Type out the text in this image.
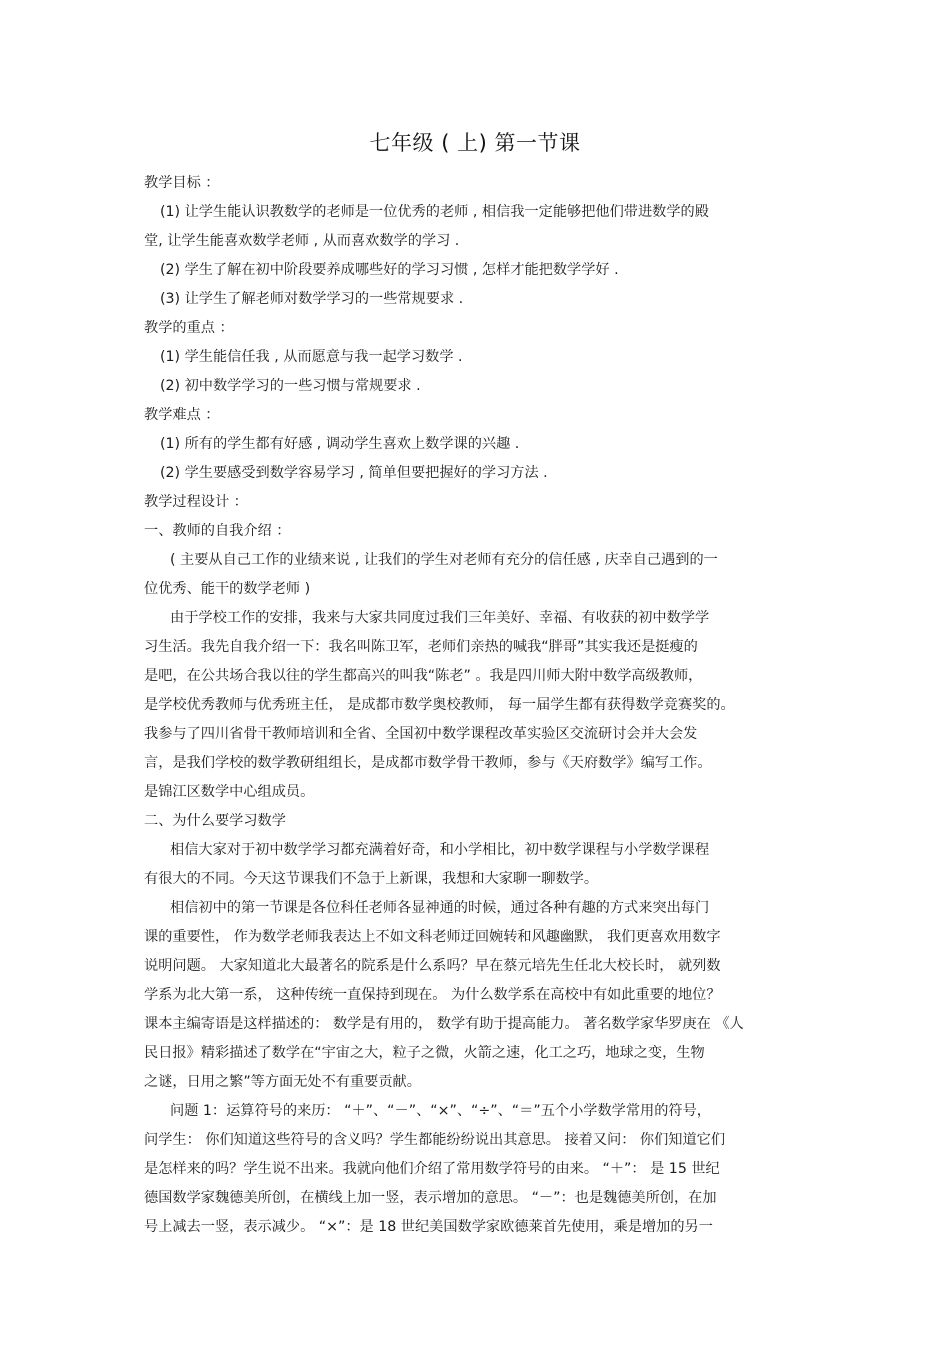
七年级 ( 上) 第一节课
教学目标 ：
(1) 让学生能认识教数学的老师是一位优秀的老师 , 相信我一定能够把他们带进数学的殿
堂, 让学生能喜欢数学老师 , 从而喜欢数学的学习 .
(2) 学生了解在初中阶段要养成哪些好的学习习惯 , 怎样才能把数学学好 .
(3) 让学生了解老师对数学学习的一些常规要求 .
教学的重点 ：
(1) 学生能信任我 , 从而愿意与我一起学习数学 .
(2) 初中数学学习的一些习惯与常规要求 .
教学难点 ：
(1) 所有的学生都有好感 , 调动学生喜欢上数学课的兴趣 .
(2) 学生要感受到数学容易学习 , 简单但要把握好的学习方法 .
教学过程设计 ：
一、教师的自我介绍 ：
( 主要从自己工作的业绩来说 , 让我们的学生对老师有充分的信任感 , 庆幸自己遇到的一
位优秀、能干的数学老师 )
由于学校工作的安排，我来与大家共同度过我们三年美好、幸福、有收获的初中数学学
习生活。我先自我介绍一下：我名叫陈卫军，老师们亲热的喊我“胖哥”其实我还是挺瘦的
是吧，在公共场合我以往的学生都高兴的叫我“陈老” 。我是四川师大附中数学高级教师，
是学校优秀教师与优秀班主任， 是成都市数学奥校教师， 每一届学生都有获得数学竞赛奖的。
我参与了四川省骨干教师培训和全省、全国初中数学课程改革实验区交流研讨会并大会发
言，是我们学校的数学教研组组长，是成都市数学骨干教师，参与《天府数学》编写工作。
是锦江区数学中心组成员。
二、为什么要学习数学
相信大家对于初中数学学习都充满着好奇，和小学相比，初中数学课程与小学数学课程
有很大的不同。今天这节课我们不急于上新课，我想和大家聊一聊数学。
相信初中的第一节课是各位科任老师各显神通的时候，通过各种有趣的方式来突出每门
课的重要性， 作为数学老师我表达上不如文科老师迂回婉转和风趣幽默， 我们更喜欢用数字
说明问题。 大家知道北大最著名的院系是什么系吗？早在蔡元培先生任北大校长时， 就列数
学系为北大第一系， 这种传统一直保持到现在。 为什么数学系在高校中有如此重要的地位？
课本主编寄语是这样描述的： 数学是有用的， 数学有助于提高能力。 著名数学家华罗庚在 《人
民日报》精彩描述了数学在“宇宙之大，粒子之微，火箭之速，化工之巧，地球之变，生物
之谜，日用之繁”等方面无处不有重要贡献。
问题 1：运算符号的来历： “＋”、“－”、“×”、“÷”、“＝”五个小学数学常用的符号，
问学生： 你们知道这些符号的含义吗？学生都能纷纷说出其意思。 接着又问： 你们知道它们
是怎样来的吗？学生说不出来。我就向他们介绍了常用数学符号的由来。 “＋”： 是 15 世纪
德国数学家魏德美所创，在横线上加一竖，表示增加的意思。 “－”：也是魏德美所创，在加
号上减去一竖，表示减少。 “×”：是 18 世纪美国数学家欧德莱首先使用，乘是增加的另一
